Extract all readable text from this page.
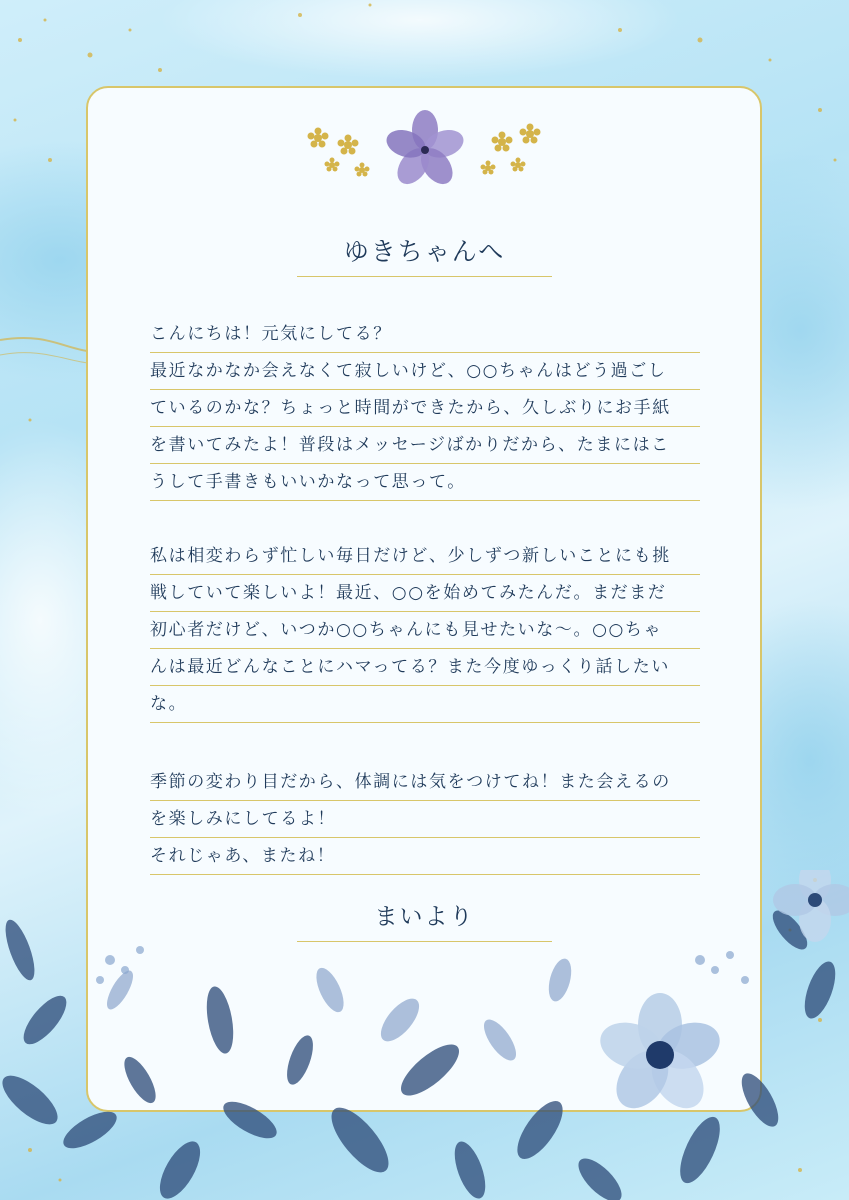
ゆきちゃんへ
こんにちは！元気にしてる？
最近なかなか会えなくて寂しいけど、○○ちゃんはどう過ごし
ているのかな？ちょっと時間ができたから、久しぶりにお手紙
を書いてみたよ！普段はメッセージばかりだから、たまにはこ
うして手書きもいいかなって思って。
私は相変わらず忙しい毎日だけど、少しずつ新しいことにも挑
戦していて楽しいよ！最近、○○を始めてみたんだ。まだまだ
初心者だけど、いつか○○ちゃんにも見せたいな〜。○○ちゃ
んは最近どんなことにハマってる？また今度ゆっくり話したい
な。
季節の変わり目だから、体調には気をつけてね！また会えるの
を楽しみにしてるよ！
それじゃあ、またね！
まいより
